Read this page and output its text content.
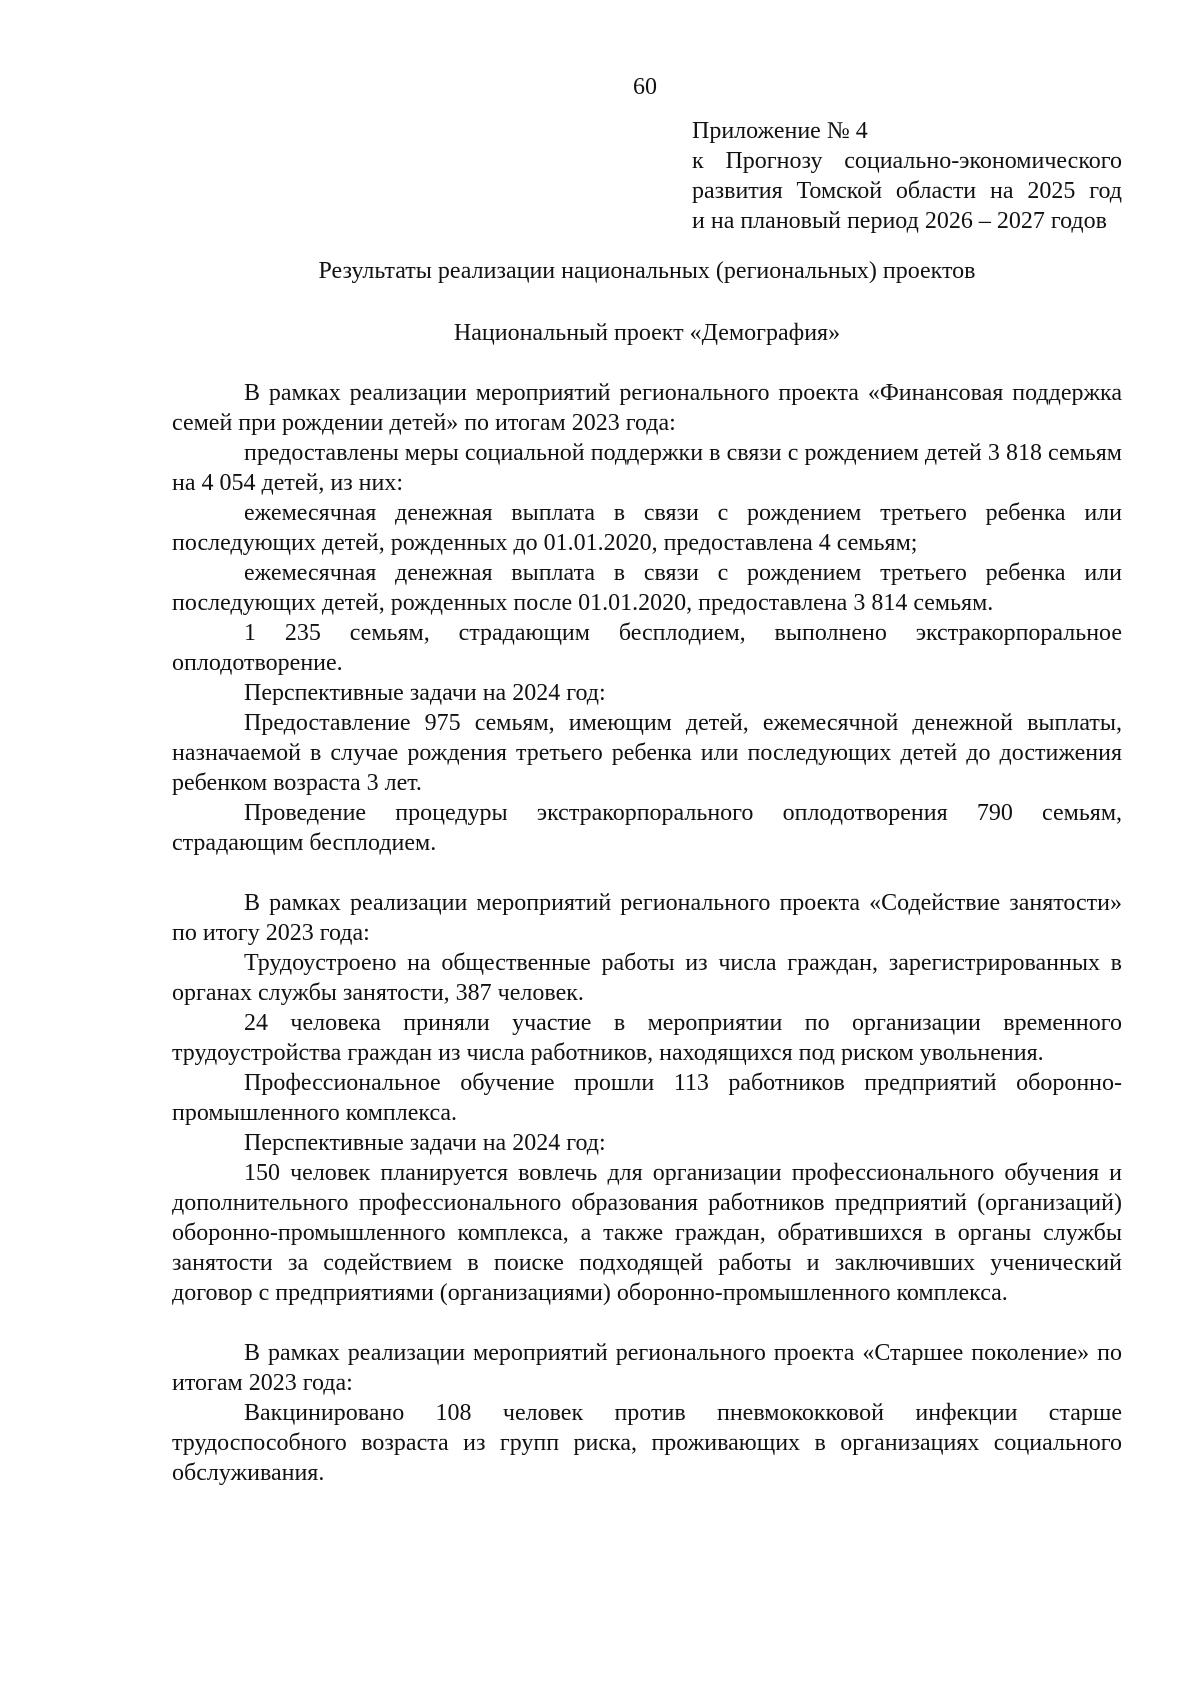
60
Приложение № 4
к Прогнозу социально-экономического
развития Томской области на 2025 год
и на плановый период 2026 – 2027 годов
Результаты реализации национальных (региональных) проектов
Национальный проект «Демография»

В рамках реализации мероприятий регионального проекта «Финансовая поддержка семей при рождении детей» по итогам 2023 года:

предоставлены меры социальной поддержки в связи с рождением детей 3 818 семьям на 4 054 детей, из них:

ежемесячная денежная выплата в связи с рождением третьего ребенка или последующих детей, рожденных до 01.01.2020, предоставлена 4 семьям;

ежемесячная денежная выплата в связи с рождением третьего ребенка или последующих детей, рожденных после 01.01.2020, предоставлена 3 814 семьям.

1 235 семьям, страдающим бесплодием, выполнено экстракорпоральное оплодотворение.

Перспективные задачи на 2024 год:

Предоставление 975 семьям, имеющим детей, ежемесячной денежной выплаты, назначаемой в случае рождения третьего ребенка или последующих детей до достижения ребенком возраста 3 лет.

Проведение процедуры экстракорпорального оплодотворения 790 семьям, страдающим бесплодием.

В рамках реализации мероприятий регионального проекта «Содействие занятости» по итогу 2023 года:

Трудоустроено на общественные работы из числа граждан, зарегистрированных в органах службы занятости, 387 человек.

24 человека приняли участие в мероприятии по организации временного трудоустройства граждан из числа работников, находящихся под риском увольнения.

Профессиональное обучение прошли 113 работников предприятий оборонно-промышленного комплекса.

Перспективные задачи на 2024 год:

150 человек планируется вовлечь для организации профессионального обучения и дополнительного профессионального образования работников предприятий (организаций) оборонно-промышленного комплекса, а также граждан, обратившихся в органы службы занятости за содействием в поиске подходящей работы и заключивших ученический договор с предприятиями (организациями) оборонно-промышленного комплекса.

В рамках реализации мероприятий регионального проекта «Старшее поколение» по итогам 2023 года:

Вакцинировано 108 человек против пневмококковой инфекции старше трудоспособного возраста из групп риска, проживающих в организациях социального обслуживания.
